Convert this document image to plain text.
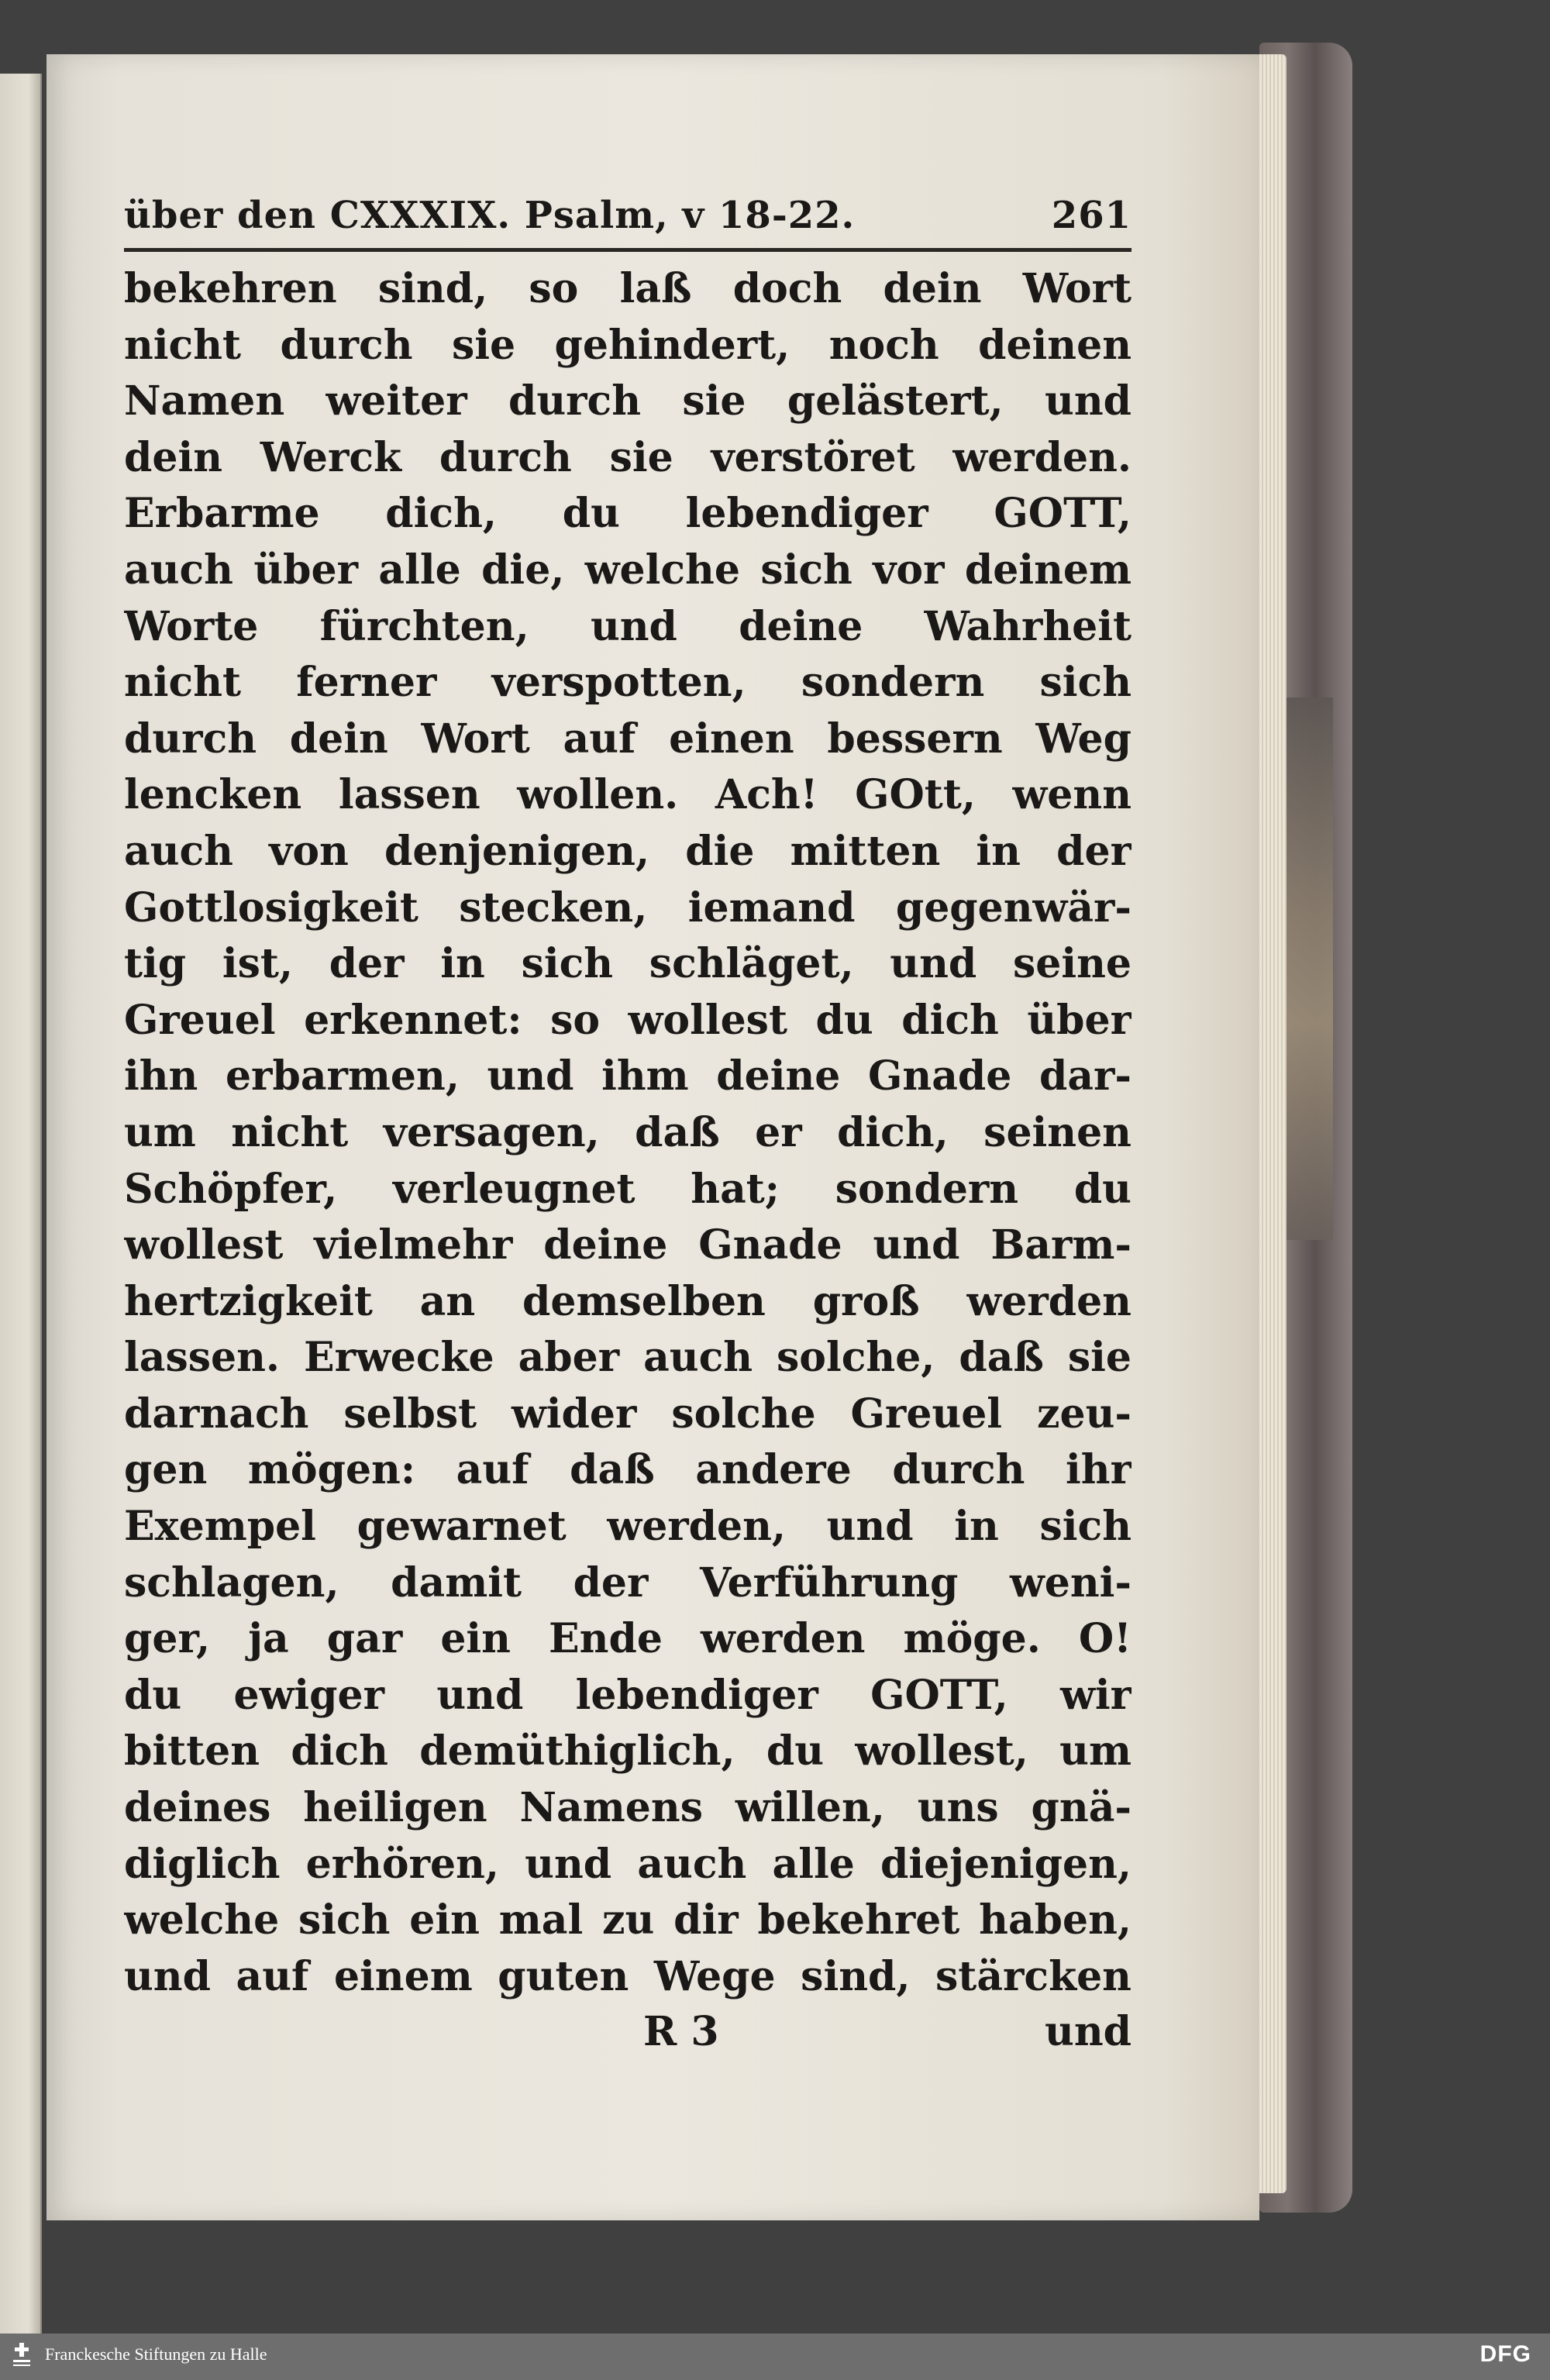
über den CXXXIX. Psalm, v 18-22.	261
bekehren sind, so laß doch dein Wort
nicht durch sie gehindert, noch deinen
Namen weiter durch sie gelästert, und
dein Werck durch sie verstöret werden.
Erbarme dich, du lebendiger GOTT,
auch über alle die, welche sich vor deinem
Worte fürchten, und deine Wahrheit
nicht ferner verspotten, sondern sich
durch dein Wort auf einen bessern Weg
lencken lassen wollen. Ach! GOtt, wenn
auch von denjenigen, die mitten in der
Gottlosigkeit stecken, iemand gegenwär-
tig ist, der in sich schläget, und seine
Greuel erkennet: so wollest du dich über
ihn erbarmen, und ihm deine Gnade dar-
um nicht versagen, daß er dich, seinen
Schöpfer, verleugnet hat; sondern du
wollest vielmehr deine Gnade und Barm-
hertzigkeit an demselben groß werden
lassen. Erwecke aber auch solche, daß sie
darnach selbst wider solche Greuel zeu-
gen mögen: auf daß andere durch ihr
Exempel gewarnet werden, und in sich
schlagen, damit der Verführung weni-
ger, ja gar ein Ende werden möge. O!
du ewiger und lebendiger GOTT, wir
bitten dich demüthiglich, du wollest, um
deines heiligen Namens willen, uns gnä-
diglich erhören, und auch alle diejenigen,
welche sich ein mal zu dir bekehret haben,
und auf einem guten Wege sind, stärcken
R 3	und
Franckesche Stiftungen zu Halle	DFG
